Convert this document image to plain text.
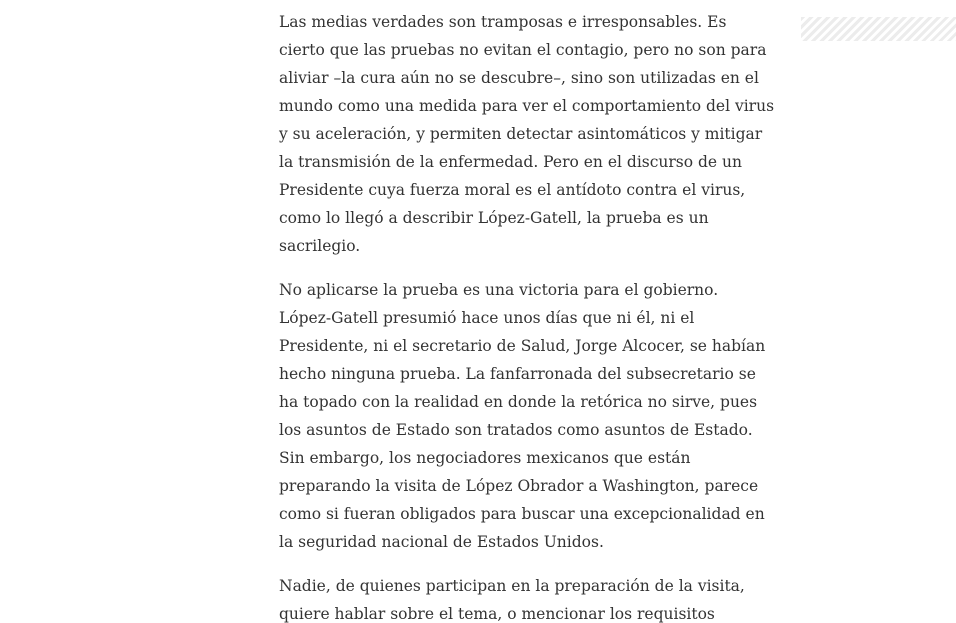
Las medias verdades son tramposas e irresponsables. Es cierto que las pruebas no evitan el contagio, pero no son para aliviar –la cura aún no se descubre–, sino son utilizadas en el mundo como una medida para ver el comportamiento del virus y su aceleración, y permiten detectar asintomáticos y mitigar la transmisión de la enfermedad. Pero en el discurso de un Presidente cuya fuerza moral es el antídoto contra el virus, como lo llegó a describir López-Gatell, la prueba es un sacrilegio.

No aplicarse la prueba es una victoria para el gobierno. López-Gatell presumió hace unos días que ni él, ni el Presidente, ni el secretario de Salud, Jorge Alcocer, se habían hecho ninguna prueba. La fanfarronada del subsecretario se ha topado con la realidad en donde la retórica no sirve, pues los asuntos de Estado son tratados como asuntos de Estado. Sin embargo, los negociadores mexicanos que están preparando la visita de López Obrador a Washington, parece como si fueran obligados para buscar una excepcionalidad en la seguridad nacional de Estados Unidos.

Nadie, de quienes participan en la preparación de la visita, quiere hablar sobre el tema, o mencionar los requisitos
